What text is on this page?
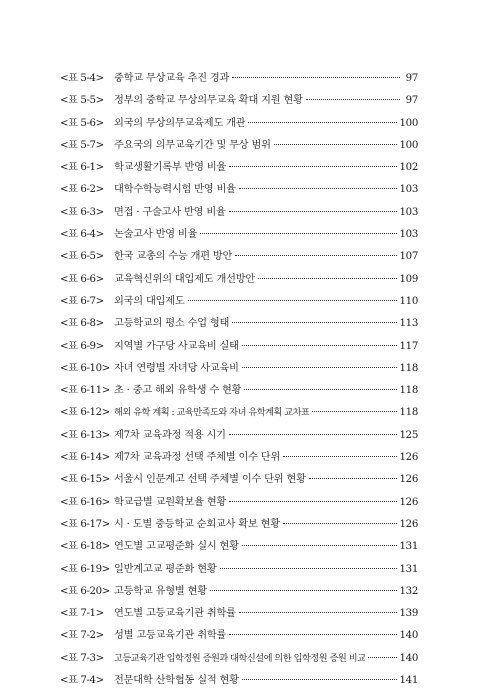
<표 5-4>	중학교 무상교육 추진 경과	97
<표 5-5>	정부의 중학교 무상의무교육 확대 지원 현황	97
<표 5-6>	외국의 무상의무교육제도 개관	100
<표 5-7>	주요국의 의무교육기간 및 무상 범위	100
<표 6-1>	학교생활기록부 반영 비율	102
<표 6-2>	대학수학능력시험 반영 비율	103
<표 6-3>	면접 · 구술고사 반영 비율	103
<표 6-4>	논술고사 반영 비율	103
<표 6-5>	한국 교총의 수능 개편 방안	107
<표 6-6>	교육혁신위의 대입제도 개선방안	109
<표 6-7>	외국의 대입제도	110
<표 6-8>	고등학교의 평소 수업 형태	113
<표 6-9>	지역별 가구당 사교육비 실태	117
<표 6-10> 자녀 연령별 자녀당 사교육비	118
<표 6-11> 초 · 중고 해외 유학생 수 현황	118
<표 6-12> 해외 유학 계획 : 교육만족도와 자녀 유학계획 교차표	118
<표 6-13> 제7차 교육과정 적용 시기	125
<표 6-14> 제7차 교육과정 선택 주체별 이수 단위	126
<표 6-15> 서울시 인문계고 선택 주체별 이수 단위 현황	126
<표 6-16> 학교급별 교원확보율 현황	126
<표 6-17> 시 · 도별 중등학교 순회교사 확보 현황	126
<표 6-18> 연도별 고교평준화 실시 현황	131
<표 6-19> 일반계고교 평준화 현황	131
<표 6-20> 고등학교 유형별 현황	132
<표 7-1>	연도별 고등교육기관 취학률	139
<표 7-2>	성별 고등교육기관 취학률	140
<표 7-3>	고등교육기관 입학정원 증원과 대학신설에 의한 입학정원 증원 비교	140
<표 7-4>	전문대학 산학협동 실적 현황	141
